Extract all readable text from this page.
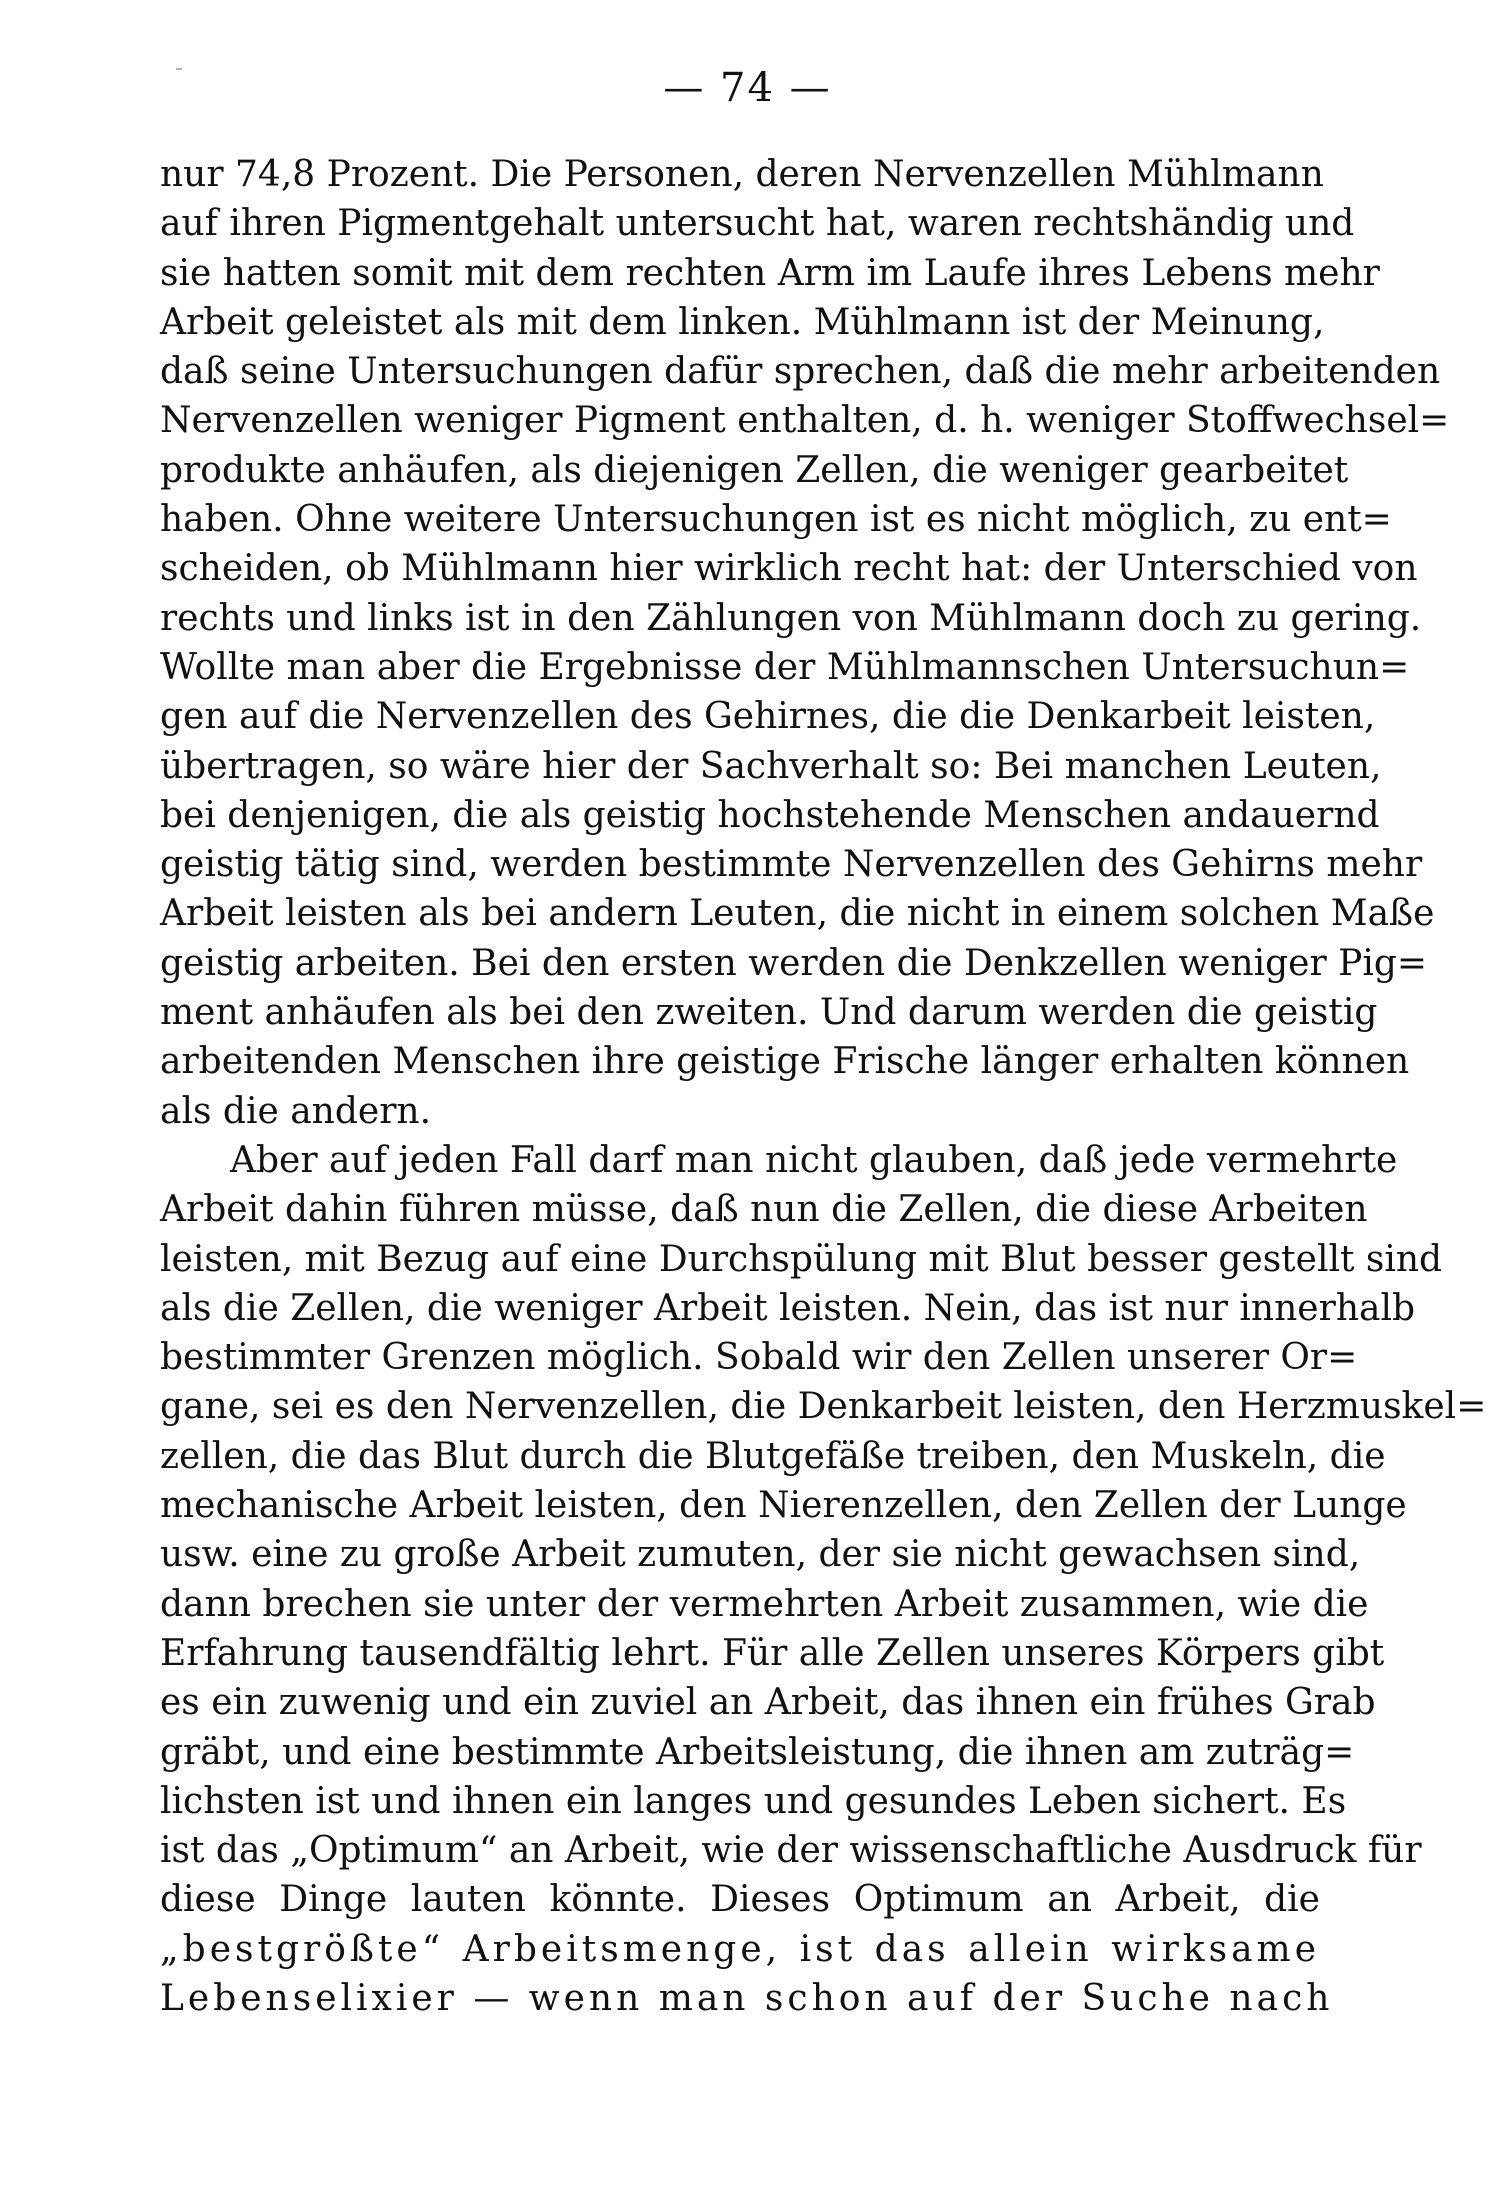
— 74 —
nur 74,8 Prozent. Die Personen, deren Nervenzellen Mühlmann
auf ihren Pigmentgehalt untersucht hat, waren rechtshändig und
sie hatten somit mit dem rechten Arm im Laufe ihres Lebens mehr
Arbeit geleistet als mit dem linken. Mühlmann ist der Meinung,
daß seine Untersuchungen dafür sprechen, daß die mehr arbeitenden
Nervenzellen weniger Pigment enthalten, d. h. weniger Stoffwechsel=
produkte anhäufen, als diejenigen Zellen, die weniger gearbeitet
haben. Ohne weitere Untersuchungen ist es nicht möglich, zu ent=
scheiden, ob Mühlmann hier wirklich recht hat: der Unterschied von
rechts und links ist in den Zählungen von Mühlmann doch zu gering.
Wollte man aber die Ergebnisse der Mühlmannschen Untersuchun=
gen auf die Nervenzellen des Gehirnes, die die Denkarbeit leisten,
übertragen, so wäre hier der Sachverhalt so: Bei manchen Leuten,
bei denjenigen, die als geistig hochstehende Menschen andauernd
geistig tätig sind, werden bestimmte Nervenzellen des Gehirns mehr
Arbeit leisten als bei andern Leuten, die nicht in einem solchen Maße
geistig arbeiten. Bei den ersten werden die Denkzellen weniger Pig=
ment anhäufen als bei den zweiten. Und darum werden die geistig
arbeitenden Menschen ihre geistige Frische länger erhalten können
als die andern.
Aber auf jeden Fall darf man nicht glauben, daß jede vermehrte
Arbeit dahin führen müsse, daß nun die Zellen, die diese Arbeiten
leisten, mit Bezug auf eine Durchspülung mit Blut besser gestellt sind
als die Zellen, die weniger Arbeit leisten. Nein, das ist nur innerhalb
bestimmter Grenzen möglich. Sobald wir den Zellen unserer Or=
gane, sei es den Nervenzellen, die Denkarbeit leisten, den Herzmuskel=
zellen, die das Blut durch die Blutgefäße treiben, den Muskeln, die
mechanische Arbeit leisten, den Nierenzellen, den Zellen der Lunge
usw. eine zu große Arbeit zumuten, der sie nicht gewachsen sind,
dann brechen sie unter der vermehrten Arbeit zusammen, wie die
Erfahrung tausendfältig lehrt. Für alle Zellen unseres Körpers gibt
es ein zuwenig und ein zuviel an Arbeit, das ihnen ein frühes Grab
gräbt, und eine bestimmte Arbeitsleistung, die ihnen am zuträg=
lichsten ist und ihnen ein langes und gesundes Leben sichert. Es
ist das „Optimum“ an Arbeit, wie der wissenschaftliche Ausdruck für
diese Dinge lauten könnte. Dieses Optimum an Arbeit, die
„bestgrößte“ Arbeitsmenge, ist das allein wirksame
Lebenselixier — wenn man schon auf der Suche nach
